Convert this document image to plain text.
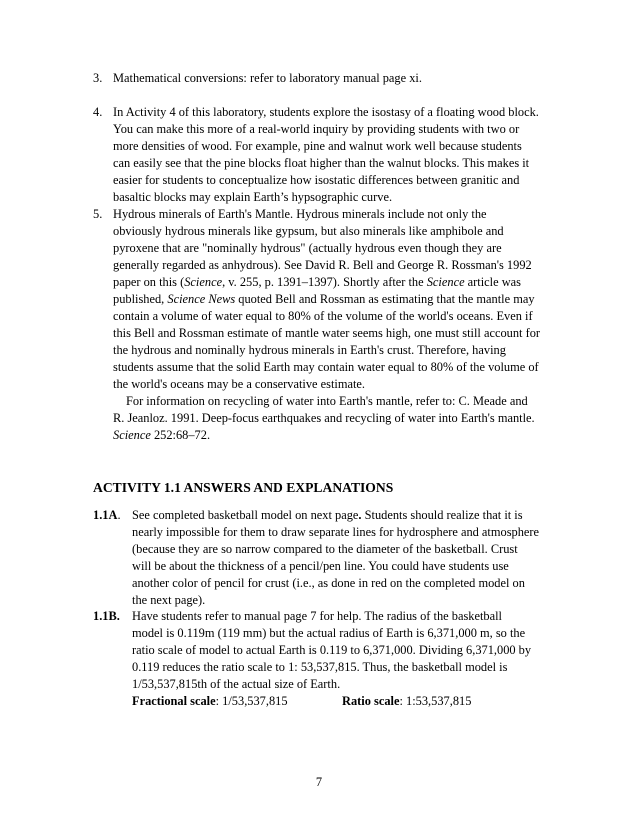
3. Mathematical conversions: refer to laboratory manual page xi.
4. In Activity 4 of this laboratory, students explore the isostasy of a floating wood block.
You can make this more of a real-world inquiry by providing students with two or
more densities of wood. For example, pine and walnut work well because students
can easily see that the pine blocks float higher than the walnut blocks. This makes it
easier for students to conceptualize how isostatic differences between granitic and
basaltic blocks may explain Earth’s hypsographic curve.
5. Hydrous minerals of Earth's Mantle. Hydrous minerals include not only the
obviously hydrous minerals like gypsum, but also minerals like amphibole and
pyroxene that are "nominally hydrous" (actually hydrous even though they are
generally regarded as anhydrous). See David R. Bell and George R. Rossman's 1992
paper on this (Science, v. 255, p. 1391–1397). Shortly after the Science article was
published, Science News quoted Bell and Rossman as estimating that the mantle may
contain a volume of water equal to 80% of the volume of the world's oceans. Even if
this Bell and Rossman estimate of mantle water seems high, one must still account for
the hydrous and nominally hydrous minerals in Earth's crust. Therefore, having
students assume that the solid Earth may contain water equal to 80% of the volume of
the world's oceans may be a conservative estimate.
For information on recycling of water into Earth's mantle, refer to: C. Meade and
R. Jeanloz. 1991. Deep-focus earthquakes and recycling of water into Earth's mantle.
Science 252:68–72.
ACTIVITY 1.1 ANSWERS AND EXPLANATIONS
1.1A. See completed basketball model on next page. Students should realize that it is
nearly impossible for them to draw separate lines for hydrosphere and atmosphere
(because they are so narrow compared to the diameter of the basketball. Crust
will be about the thickness of a pencil/pen line. You could have students use
another color of pencil for crust (i.e., as done in red on the completed model on
the next page).
1.1B. Have students refer to manual page 7 for help. The radius of the basketball
model is 0.119m (119 mm) but the actual radius of Earth is 6,371,000 m, so the
ratio scale of model to actual Earth is 0.119 to 6,371,000. Dividing 6,371,000 by
0.119 reduces the ratio scale to 1: 53,537,815. Thus, the basketball model is
1/53,537,815th of the actual size of Earth.
Fractional scale: 1/53,537,815	Ratio scale: 1:53,537,815
7
